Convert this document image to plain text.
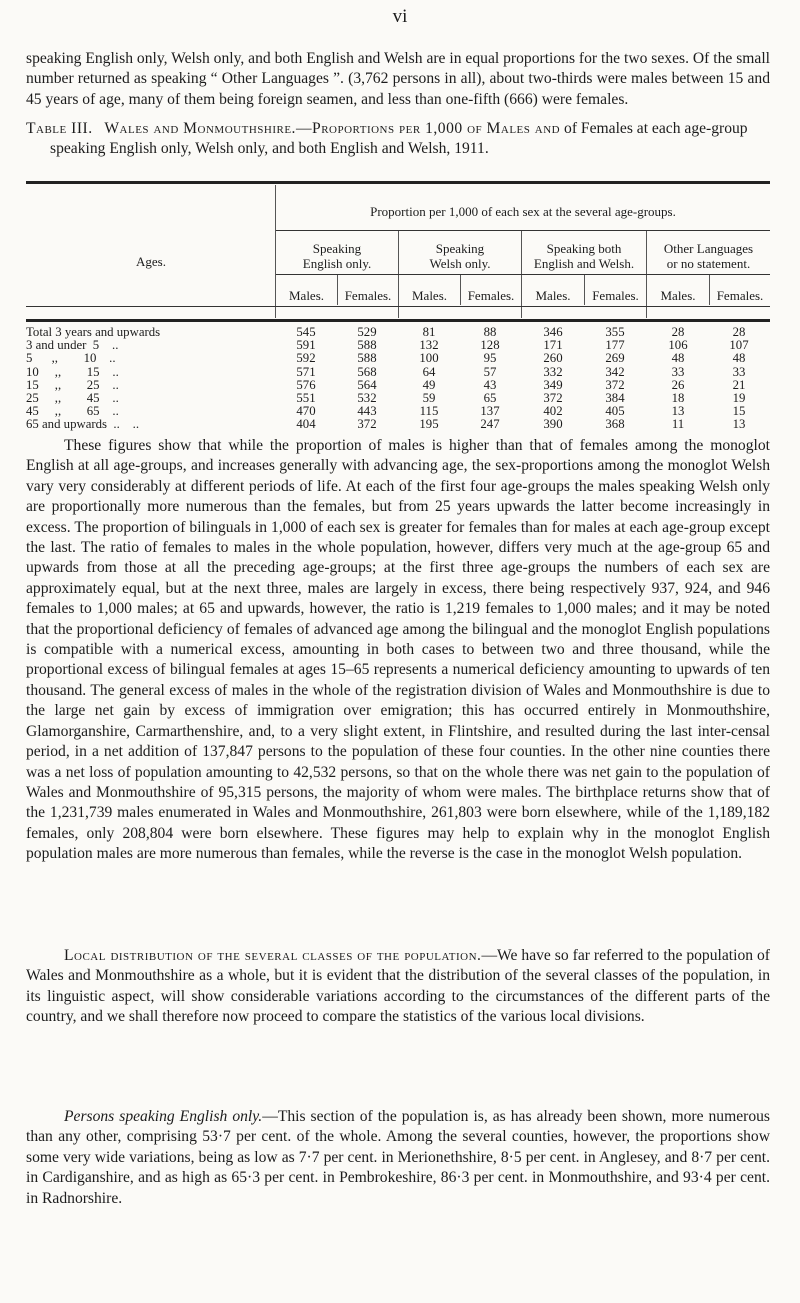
vi

speaking English only, Welsh only, and both English and Welsh are in equal proportions for the two sexes. Of the small number returned as speaking “ Other Languages ”. (3,762 persons in all), about two-thirds were males between 15 and 45 years of age, many of them being foreign seamen, and less than one-fifth (666) were females.

Table III. Wales and Monmouthshire.—Proportions per 1,000 of Males and of Females at each age-group speaking English only, Welsh only, and both English and Welsh, 1911.
Proportion per 1,000 of each sex at the several age-groups.
Ages.
Speaking
English only.
Speaking
Welsh only.
Speaking both
English and Welsh.
Other Languages
or no statement.
Males.	Females.	Males.	Females.	Males.	Females.	Males.	Females.
Total 3 years and upwards	545	529	81	88	346	355	28	28
3 and under  5    ..	591	588	132	128	171	177	106	107
5      ,,        10    ..	592	588	100	95	260	269	48	48
10     ,,        15    ..	571	568	64	57	332	342	33	33
15     ,,        25    ..	576	564	49	43	349	372	26	21
25     ,,        45    ..	551	532	59	65	372	384	18	19
45     ,,        65    ..	470	443	115	137	402	405	13	15
65 and upwards  ..    ..	404	372	195	247	390	368	11	13

These figures show that while the proportion of males is higher than that of females among the monoglot English at all age-groups, and increases generally with advancing age, the sex-proportions among the monoglot Welsh vary very considerably at different periods of life. At each of the first four age-groups the males speaking Welsh only are proportionally more numerous than the females, but from 25 years upwards the latter become increasingly in excess. The proportion of bilinguals in 1,000 of each sex is greater for females than for males at each age-group except the last. The ratio of females to males in the whole population, however, differs very much at the age-group 65 and upwards from those at all the preceding age-groups; at the first three age-groups the numbers of each sex are approximately equal, but at the next three, males are largely in excess, there being respectively 937, 924, and 946 females to 1,000 males; at 65 and upwards, however, the ratio is 1,219 females to 1,000 males; and it may be noted that the proportional deficiency of females of advanced age among the bilingual and the monoglot English populations is compatible with a numerical excess, amounting in both cases to between two and three thousand, while the proportional excess of bilingual females at ages 15–65 represents a numerical deficiency amounting to upwards of ten thousand. The general excess of males in the whole of the registration division of Wales and Monmouthshire is due to the large net gain by excess of immigration over emigration; this has occurred entirely in Monmouthshire, Glamorganshire, Carmarthenshire, and, to a very slight extent, in Flintshire, and resulted during the last inter-censal period, in a net addition of 137,847 persons to the population of these four counties. In the other nine counties there was a net loss of population amounting to 42,532 persons, so that on the whole there was net gain to the population of Wales and Monmouthshire of 95,315 persons, the majority of whom were males. The birthplace returns show that of the 1,231,739 males enumerated in Wales and Monmouthshire, 261,803 were born elsewhere, while of the 1,189,182 females, only 208,804 were born elsewhere. These figures may help to explain why in the monoglot English population males are more numerous than females, while the reverse is the case in the monoglot Welsh population.

Local distribution of the several classes of the population.—We have so far referred to the population of Wales and Monmouthshire as a whole, but it is evident that the distribution of the several classes of the population, in its linguistic aspect, will show considerable variations according to the circumstances of the different parts of the country, and we shall therefore now proceed to compare the statistics of the various local divisions.

Persons speaking English only.—This section of the population is, as has already been shown, more numerous than any other, comprising 53·7 per cent. of the whole. Among the several counties, however, the proportions show some very wide variations, being as low as 7·7 per cent. in Merionethshire, 8·5 per cent. in Anglesey, and 8·7 per cent. in Cardiganshire, and as high as 65·3 per cent. in Pembrokeshire, 86·3 per cent. in Monmouthshire, and 93·4 per cent. in Radnorshire.
